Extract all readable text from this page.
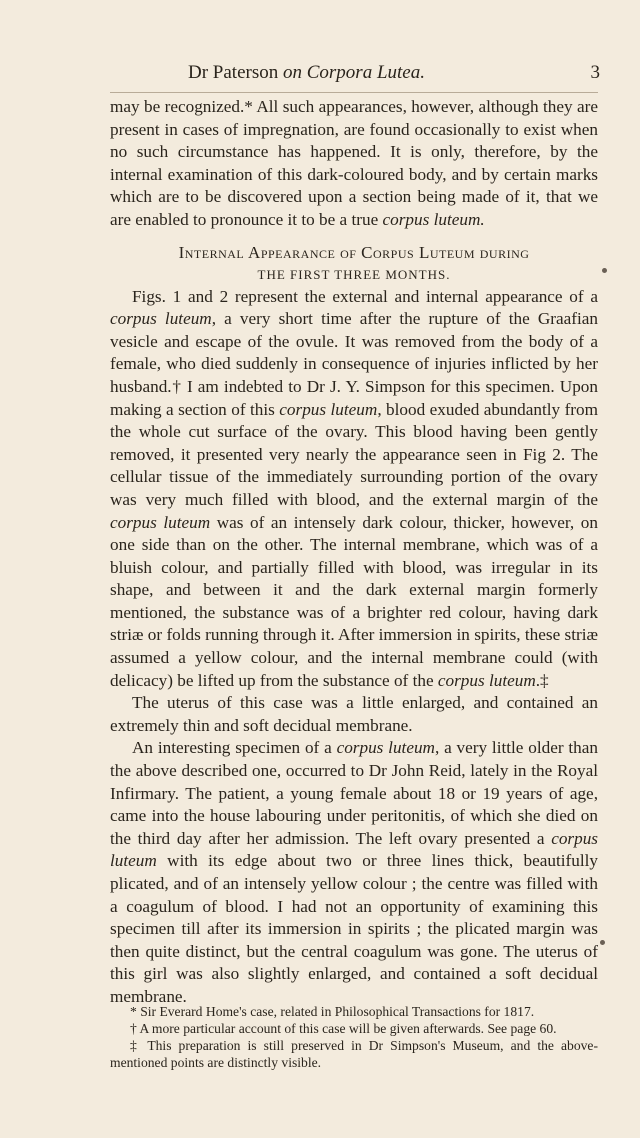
Dr Paterson on Corpora Lutea.	3

may be recognized.* All such appearances, however, although they are present in cases of impregnation, are found occasionally to exist when no such circumstance has happened. It is only, therefore, by the internal examination of this dark-coloured body, and by certain marks which are to be discovered upon a section being made of it, that we are enabled to pronounce it to be a true corpus luteum.

Internal Appearance of Corpus Luteum during
THE FIRST THREE MONTHS.

Figs. 1 and 2 represent the external and internal appearance of a corpus luteum, a very short time after the rupture of the Graafian vesicle and escape of the ovule. It was removed from the body of a female, who died suddenly in consequence of injuries inflicted by her husband.† I am indebted to Dr J. Y. Simpson for this specimen. Upon making a section of this corpus luteum, blood exuded abundantly from the whole cut surface of the ovary. This blood having been gently removed, it presented very nearly the appearance seen in Fig 2. The cellular tissue of the immediately surrounding portion of the ovary was very much filled with blood, and the external margin of the corpus luteum was of an intensely dark colour, thicker, however, on one side than on the other. The internal membrane, which was of a bluish colour, and partially filled with blood, was irregular in its shape, and between it and the dark external margin formerly mentioned, the substance was of a brighter red colour, having dark striæ or folds running through it. After immersion in spirits, these striæ assumed a yellow colour, and the internal membrane could (with delicacy) be lifted up from the substance of the corpus luteum.‡

The uterus of this case was a little enlarged, and contained an extremely thin and soft decidual membrane.

An interesting specimen of a corpus luteum, a very little older than the above described one, occurred to Dr John Reid, lately in the Royal Infirmary. The patient, a young female about 18 or 19 years of age, came into the house labouring under peritonitis, of which she died on the third day after her admission. The left ovary presented a corpus luteum with its edge about two or three lines thick, beautifully plicated, and of an intensely yellow colour ; the centre was filled with a coagulum of blood. I had not an opportunity of examining this specimen till after its immersion in spirits ; the plicated margin was then quite distinct, but the central coagulum was gone. The uterus of this girl was also slightly enlarged, and contained a soft decidual membrane.

* Sir Everard Home's case, related in Philosophical Transactions for 1817.

† A more particular account of this case will be given afterwards. See page 60.

‡ This preparation is still preserved in Dr Simpson's Museum, and the above-mentioned points are distinctly visible.
